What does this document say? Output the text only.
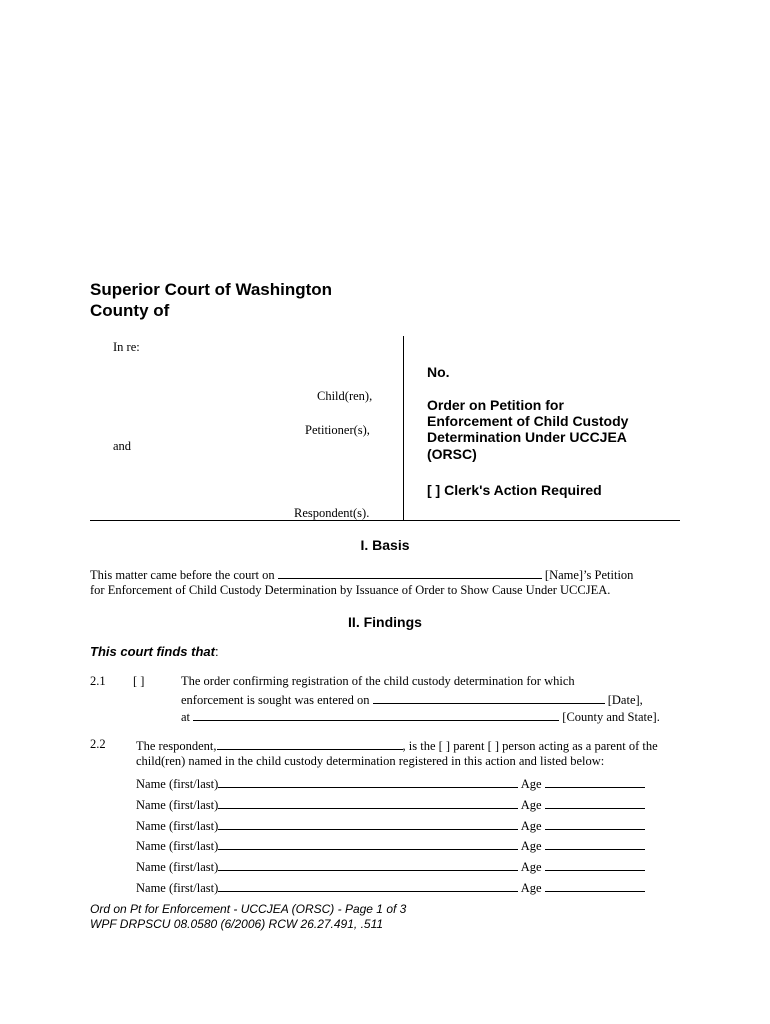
Superior Court of Washington
County of
In re:
Child(ren),
Petitioner(s),
and
Respondent(s).
No.
Order on Petition for
Enforcement of Child Custody
Determination Under UCCJEA
(ORSC)
[ ] Clerk's Action Required
I. Basis
This matter came before the court on	[Name]’s Petition
for Enforcement of Child Custody Determination by Issuance of Order to Show Cause Under UCCJEA.
II. Findings
This court finds that:
2.1 [ ]	The order confirming registration of the child custody determination for which
enforcement is sought was entered on	[Date],
at	[County and State].
2.2 The respondent,	, is the [ ] parent [ ] person acting as a parent of the
child(ren) named in the child custody determination registered in this action and listed below:
Name (first/last)	Age
Name (first/last)	Age
Name (first/last)	Age
Name (first/last)	Age
Name (first/last)	Age
Name (first/last)	Age
Ord on Pt for Enforcement - UCCJEA (ORSC) - Page 1 of 3
WPF DRPSCU 08.0580 (6/2006) RCW 26.27.491, .511
